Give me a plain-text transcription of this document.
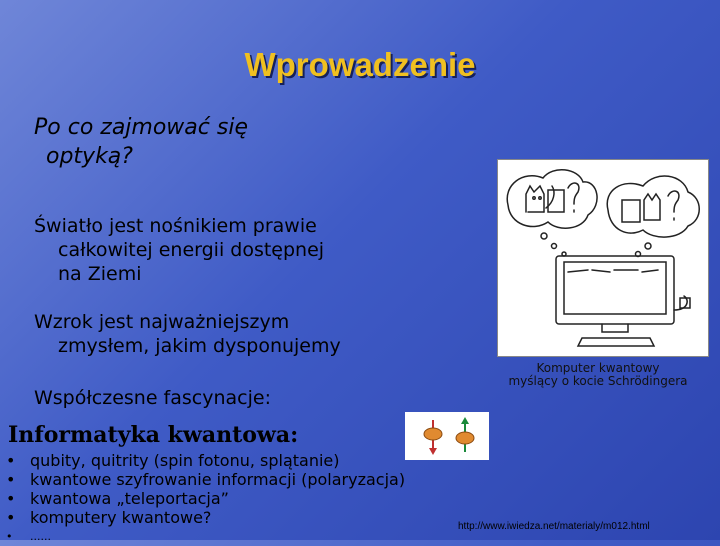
Wprowadzenie
Po co zajmować się
optyką?
Światło jest nośnikiem prawie
całkowitej energii dostępnej
na Ziemi
Wzrok jest najważniejszym
zmysłem, jakim dysponujemy
Współczesne fascynacje:
Informatyka kwantowa:
• qubity, quitrity (spin fotonu, splątanie)
• kwantowe szyfrowanie informacji (polaryzacja)
• kwantowa „teleportacja”
• komputery kwantowe?
• ......
Komputer kwantowy
myślący o kocie Schrödingera
http://www.iwiedza.net/materialy/m012.html
